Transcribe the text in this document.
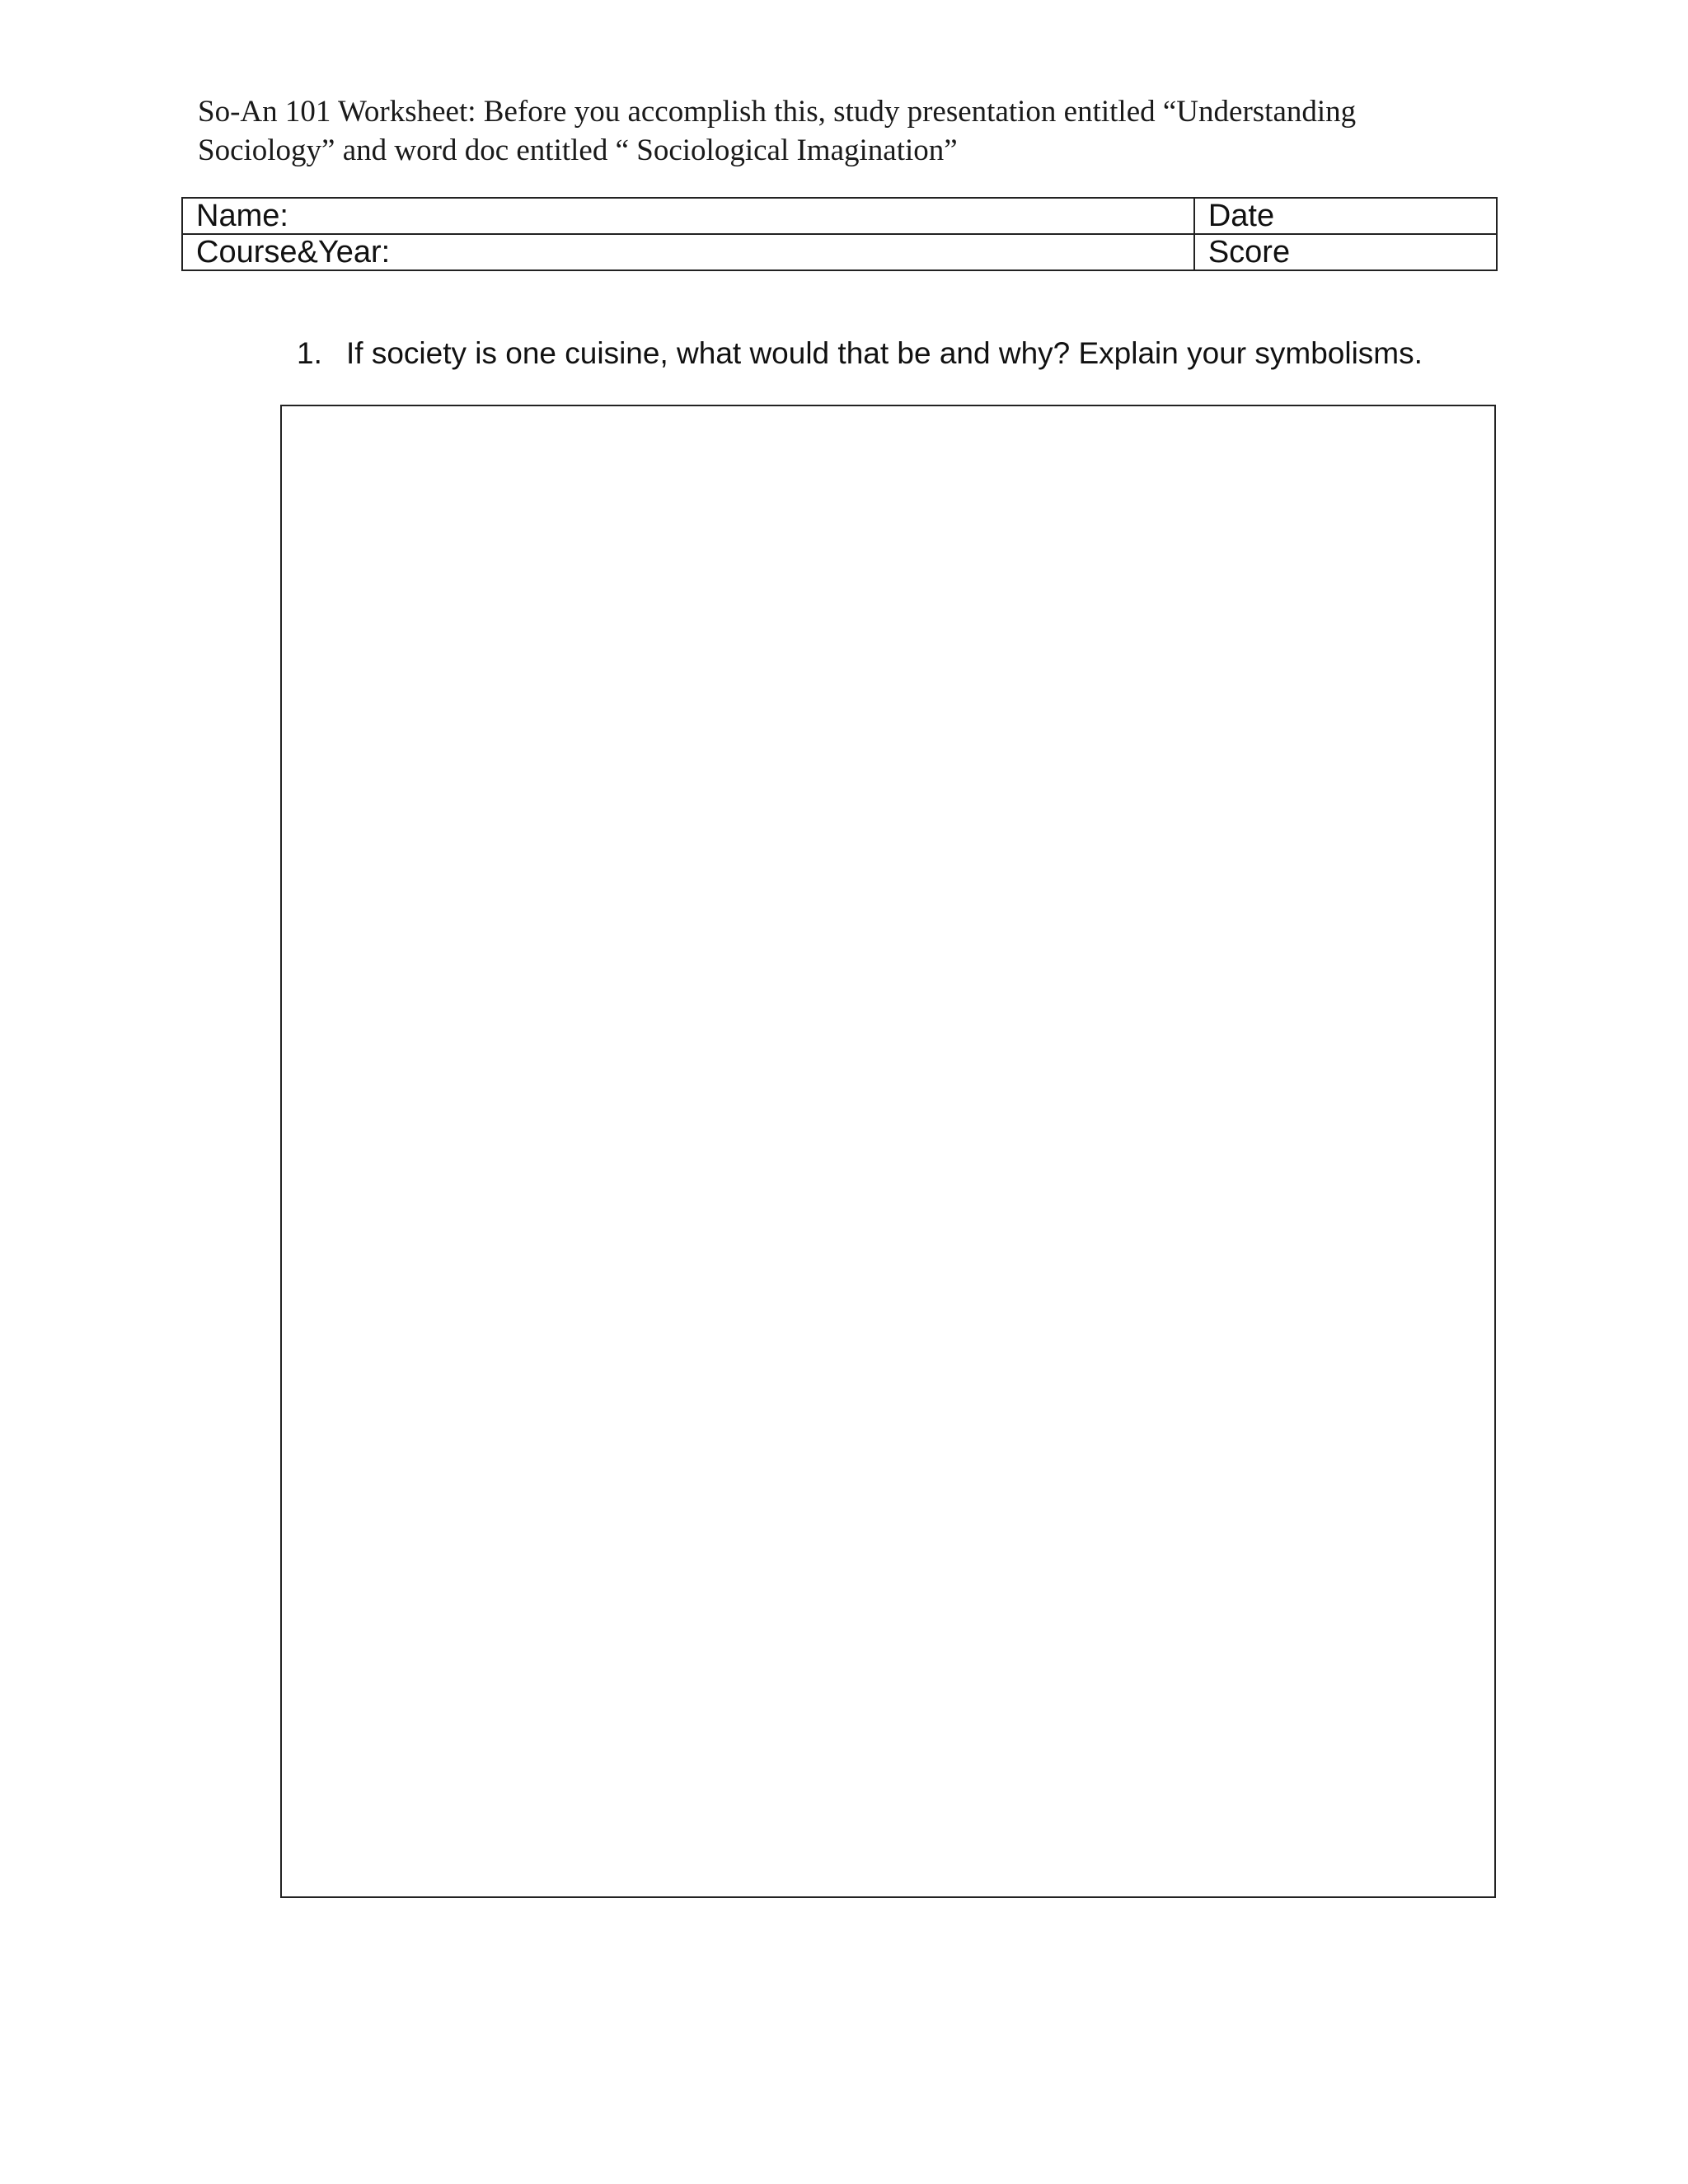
So-An 101 Worksheet: Before you accomplish this, study presentation entitled “Understanding
Sociology” and word doc entitled “ Sociological Imagination”
Name:	Date
Course&Year:	Score
1. If society is one cuisine, what would that be and why? Explain your symbolisms.
